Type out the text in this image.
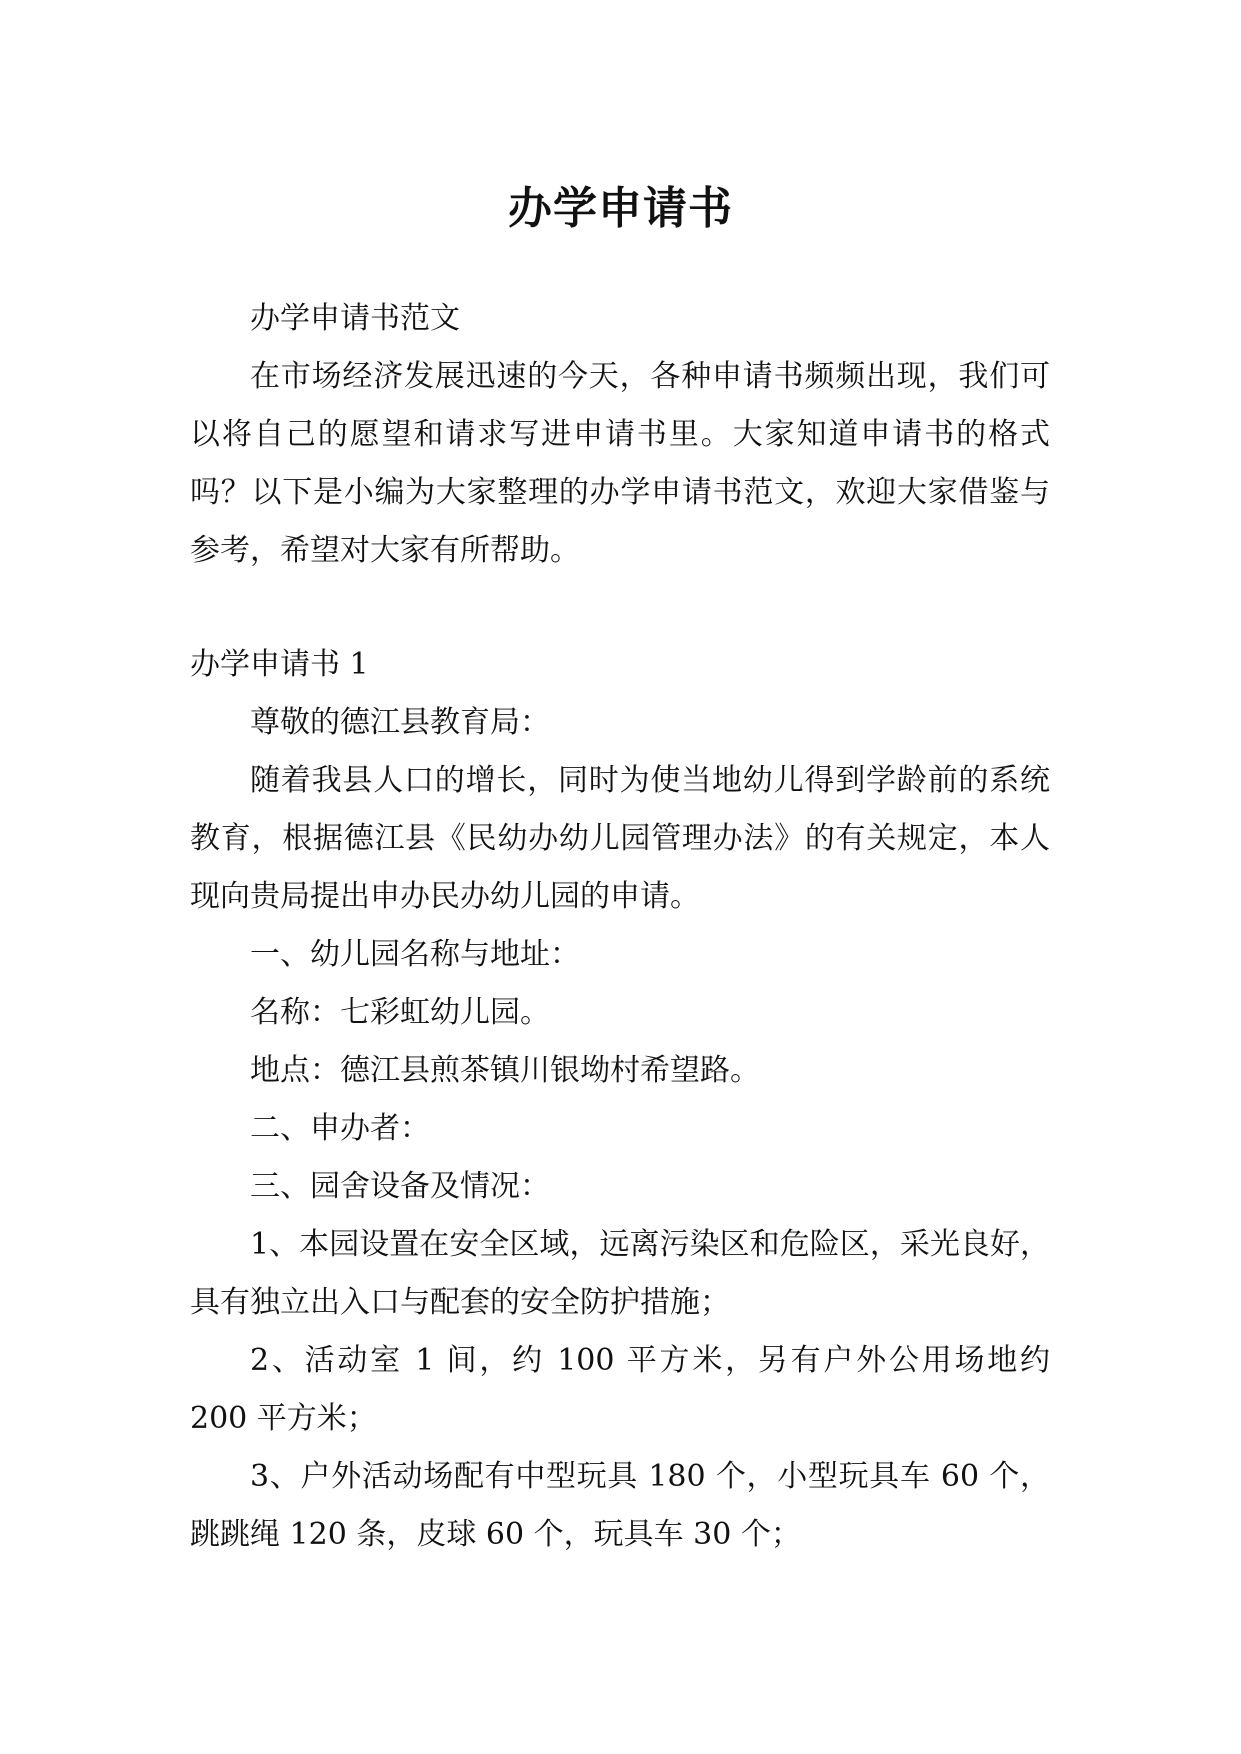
办学申请书

办学申请书范文

在市场经济发展迅速的今天，各种申请书频频出现，我们可以将自己的愿望和请求写进申请书里。大家知道申请书的格式吗？以下是小编为大家整理的办学申请书范文，欢迎大家借鉴与参考，希望对大家有所帮助。

办学申请书 1

尊敬的德江县教育局：

随着我县人口的增长，同时为使当地幼儿得到学龄前的系统教育，根据德江县《民幼办幼儿园管理办法》的有关规定，本人现向贵局提出申办民办幼儿园的申请。

一、幼儿园名称与地址：

名称：七彩虹幼儿园。

地点：德江县煎茶镇川银坳村希望路。

二、申办者：

三、园舍设备及情况：

1、本园设置在安全区域，远离污染区和危险区，采光良好，具有独立出入口与配套的安全防护措施；

2、活动室 1 间，约 100 平方米，另有户外公用场地约 200 平方米；

3、户外活动场配有中型玩具 180 个，小型玩具车 60 个，跳跳绳 120 条，皮球 60 个，玩具车 30 个；
